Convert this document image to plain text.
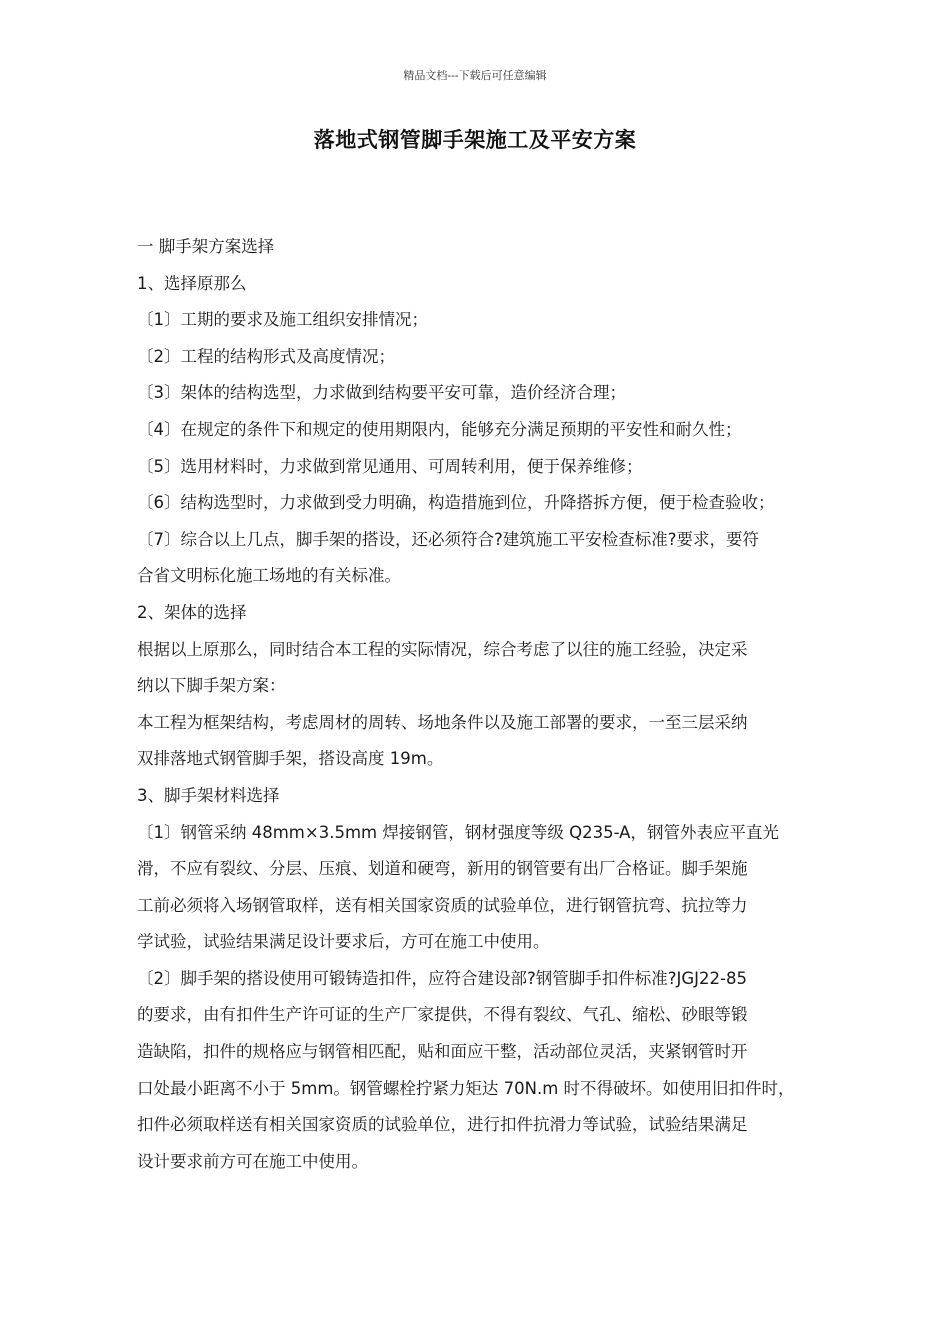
精品文档---下载后可任意编辑
落地式钢管脚手架施工及平安方案
一 脚手架方案选择
1、选择原那么
〔1〕工期的要求及施工组织安排情况；
〔2〕工程的结构形式及高度情况；
〔3〕架体的结构选型，力求做到结构要平安可靠，造价经济合理；
〔4〕在规定的条件下和规定的使用期限内，能够充分满足预期的平安性和耐久性；
〔5〕选用材料时，力求做到常见通用、可周转利用，便于保养维修；
〔6〕结构选型时，力求做到受力明确，构造措施到位，升降搭拆方便，便于检查验收；
〔7〕综合以上几点，脚手架的搭设，还必须符合?建筑施工平安检查标准?要求，要符
合省文明标化施工场地的有关标准。
2、架体的选择
根据以上原那么，同时结合本工程的实际情况，综合考虑了以往的施工经验，决定采
纳以下脚手架方案：
本工程为框架结构，考虑周材的周转、场地条件以及施工部署的要求，一至三层采纳
双排落地式钢管脚手架，搭设高度 19m。
3、脚手架材料选择
〔1〕钢管采纳 48mm×3.5mm 焊接钢管，钢材强度等级 Q235-A，钢管外表应平直光
滑，不应有裂纹、分层、压痕、划道和硬弯，新用的钢管要有出厂合格证。脚手架施
工前必须将入场钢管取样，送有相关国家资质的试验单位，进行钢管抗弯、抗拉等力
学试验，试验结果满足设计要求后，方可在施工中使用。
〔2〕脚手架的搭设使用可锻铸造扣件，应符合建设部?钢管脚手扣件标准?JGJ22-85
的要求，由有扣件生产许可证的生产厂家提供，不得有裂纹、气孔、缩松、砂眼等锻
造缺陷，扣件的规格应与钢管相匹配，贴和面应干整，活动部位灵活，夹紧钢管时开
口处最小距离不小于 5mm。钢管螺栓拧紧力矩达 70N.m 时不得破坏。如使用旧扣件时，
扣件必须取样送有相关国家资质的试验单位，进行扣件抗滑力等试验，试验结果满足
设计要求前方可在施工中使用。
